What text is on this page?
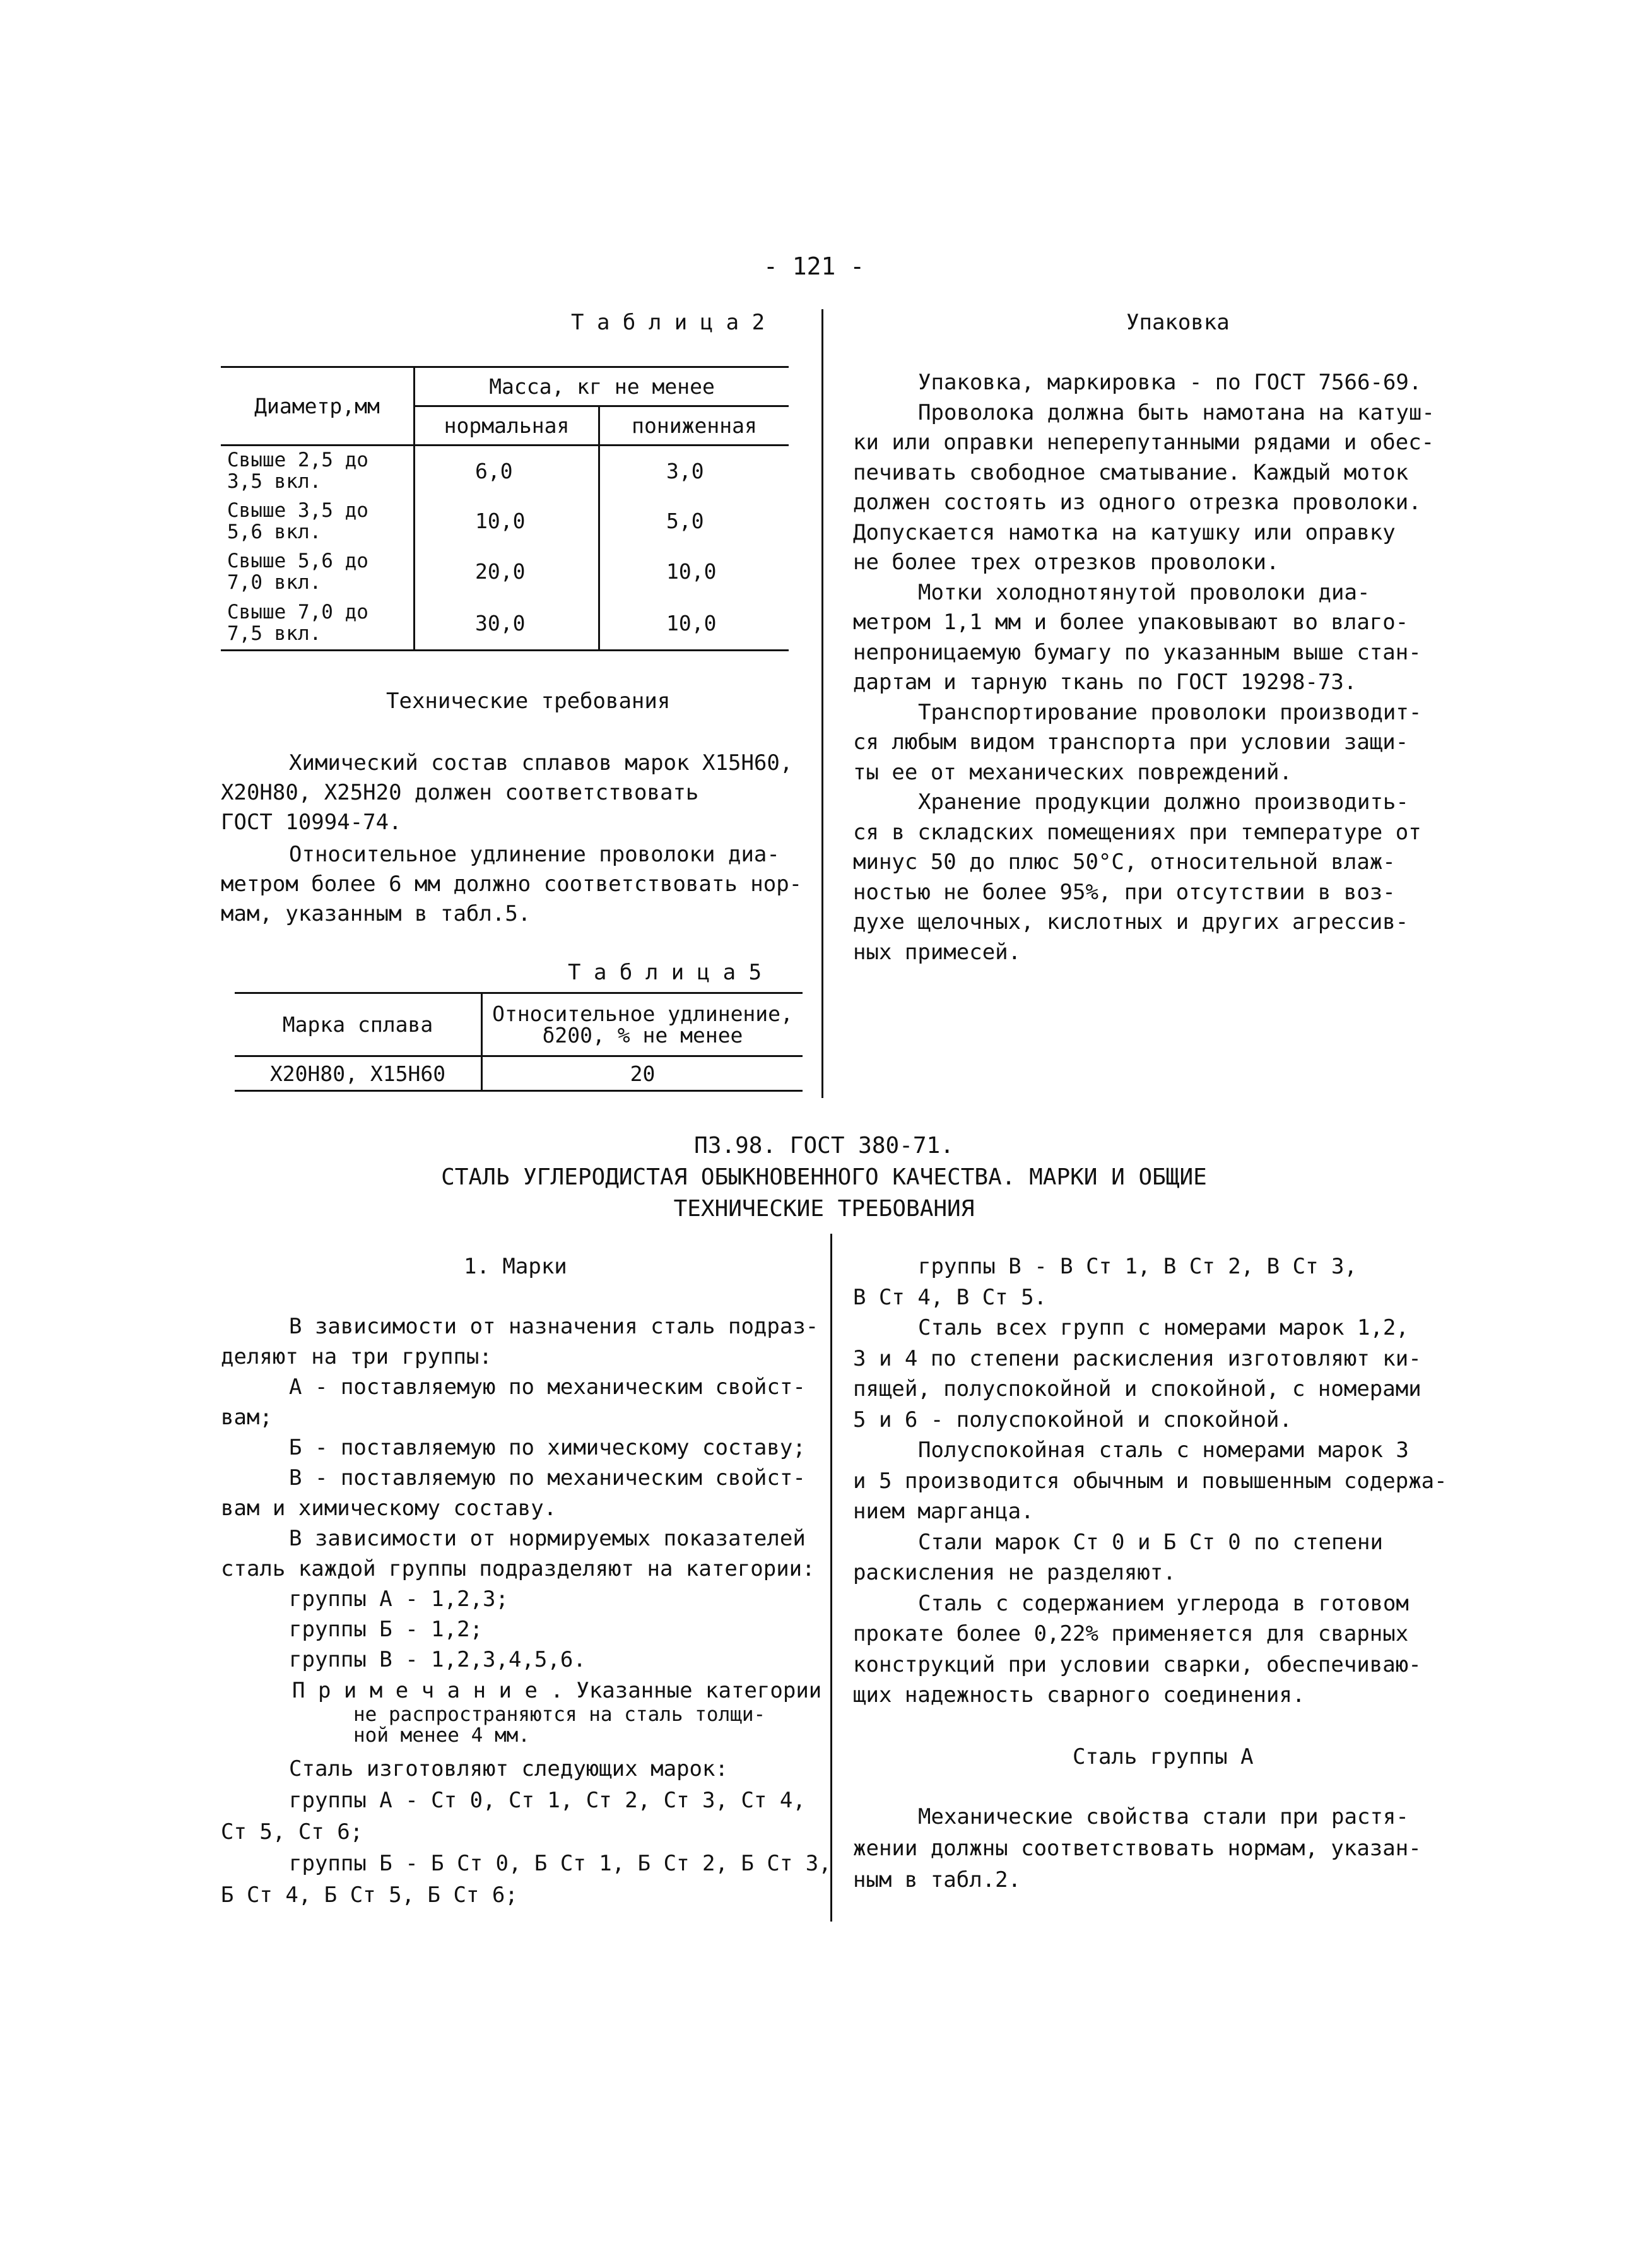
- 121 -
Т а б л и ц а 2
Диаметр,мм	Масса, кг не менее	
	нормальная	пониженная

Свыше 2,5 до
3,5 вкл.	6,0	3,0

Свыше 3,5 до
5,6 вкл.	10,0	5,0

Свыше 5,6 до
7,0 вкл.	20,0	10,0

Свыше 7,0 до
7,5 вкл.	30,0	10,0
Технические требования
Химический состав сплавов марок Х15Н60,
Х20Н80, Х25Н20 должен соответствовать
ГОСТ 10994-74.
Относительное удлинение проволоки диа-
метром более 6 мм должно соответствовать нор-
мам, указанным в табл.5.
Т а б л и ц а 5
Марка сплава	Относительное удлинение,
δ200, % не менее

Х20Н80, Х15Н60	20
Упаковка
Упаковка, маркировка - по ГОСТ 7566-69.
Проволока должна быть намотана на катуш-
ки или оправки неперепутанными рядами и обес-
печивать свободное сматывание. Каждый моток
должен состоять из одного отрезка проволоки.
Допускается намотка на катушку или оправку
не более трех отрезков проволоки.
Мотки холоднотянутой проволоки диа-
метром 1,1 мм и более упаковывают во влаго-
непроницаемую бумагу по указанным выше стан-
дартам и тарную ткань по ГОСТ 19298-73.
Транспортирование проволоки производит-
ся любым видом транспорта при условии защи-
ты ее от механических повреждений.
Хранение продукции должно производить-
ся в складских помещениях при температуре от
минус 50 до плюс 50°С, относительной влаж-
ностью не более 95%, при отсутствии в воз-
духе щелочных, кислотных и других агрессив-
ных примесей.
П3.98. ГОСТ 380-71.
СТАЛЬ УГЛЕРОДИСТАЯ ОБЫКНОВЕННОГО КАЧЕСТВА. МАРКИ И ОБЩИЕ
ТЕХНИЧЕСКИЕ ТРЕБОВАНИЯ
1. Марки
В зависимости от назначения сталь подраз-
деляют на три группы:
А - поставляемую по механическим свойст-
вам;
Б - поставляемую по химическому составу;
В - поставляемую по механическим свойст-
вам и химическому составу.
В зависимости от нормируемых показателей
сталь каждой группы подразделяют на категории:
группы А - 1,2,3;
группы Б - 1,2;
группы В - 1,2,3,4,5,6.
П р и м е ч а н и е . Указанные категории
не распространяются на сталь толщи-
ной менее 4 мм.
Сталь изготовляют следующих марок:
группы А - Ст 0, Ст 1, Ст 2, Ст 3, Ст 4,
Ст 5, Ст 6;
группы Б - Б Ст 0, Б Ст 1, Б Ст 2, Б Ст 3,
Б Ст 4, Б Ст 5, Б Ст 6;
группы В - В Ст 1, В Ст 2, В Ст 3,
В Ст 4, В Ст 5.
Сталь всех групп с номерами марок 1,2,
3 и 4 по степени раскисления изготовляют ки-
пящей, полуспокойной и спокойной, с номерами
5 и 6 - полуспокойной и спокойной.
Полуспокойная сталь с номерами марок 3
и 5 производится обычным и повышенным содержа-
нием марганца.
Стали марок Ст 0 и Б Ст 0 по степени
раскисления не разделяют.
Сталь с содержанием углерода в готовом
прокате более 0,22% применяется для сварных
конструкций при условии сварки, обеспечиваю-
щих надежность сварного соединения.
Сталь группы А
Механические свойства стали при растя-
жении должны соответствовать нормам, указан-
ным в табл.2.
